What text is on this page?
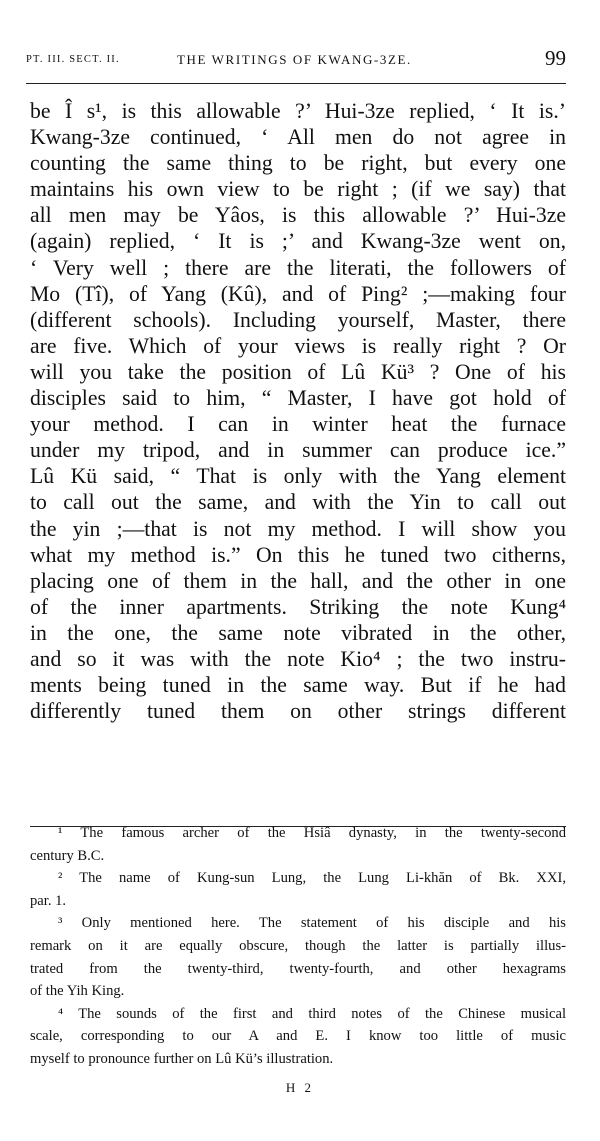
PT. III. SECT. II.	THE WRITINGS OF KWANG-3ZE.	99
be Î s¹, is this allowable ?’ Hui-3ze replied, ‘ It is.’
Kwang-3ze continued, ‘ All men do not agree in
counting the same thing to be right, but every one
maintains his own view to be right ; (if we say) that
all men may be Yâos, is this allowable ?’ Hui-3ze
(again) replied, ‘ It is ;’ and Kwang-3ze went on,
‘ Very well ; there are the literati, the followers of
Mo (Tî), of Yang (Kû), and of Ping² ;—making four
(different schools). Including yourself, Master, there
are five. Which of your views is really right ? Or
will you take the position of Lû Kü³ ? One of his
disciples said to him, “ Master, I have got hold of
your method. I can in winter heat the furnace
under my tripod, and in summer can produce ice.”
Lû Kü said, “ That is only with the Yang element
to call out the same, and with the Yin to call out
the yin ;—that is not my method. I will show you
what my method is.” On this he tuned two citherns,
placing one of them in the hall, and the other in one
of the inner apartments. Striking the note Kung⁴
in the one, the same note vibrated in the other,
and so it was with the note Kio⁴ ; the two instru-
ments being tuned in the same way. But if he had
differently tuned them on other strings different
¹ The famous archer of the Hsiâ dynasty, in the twenty-second
century B.C.
² The name of Kung-sun Lung, the Lung Li-khăn of Bk. XXI,
par. 1.
³ Only mentioned here. The statement of his disciple and his
remark on it are equally obscure, though the latter is partially illus-
trated from the twenty-third, twenty-fourth, and other hexagrams
of the Yih King.
⁴ The sounds of the first and third notes of the Chinese musical
scale, corresponding to our A and E. I know too little of music
myself to pronounce further on Lû Kü’s illustration.
H 2
